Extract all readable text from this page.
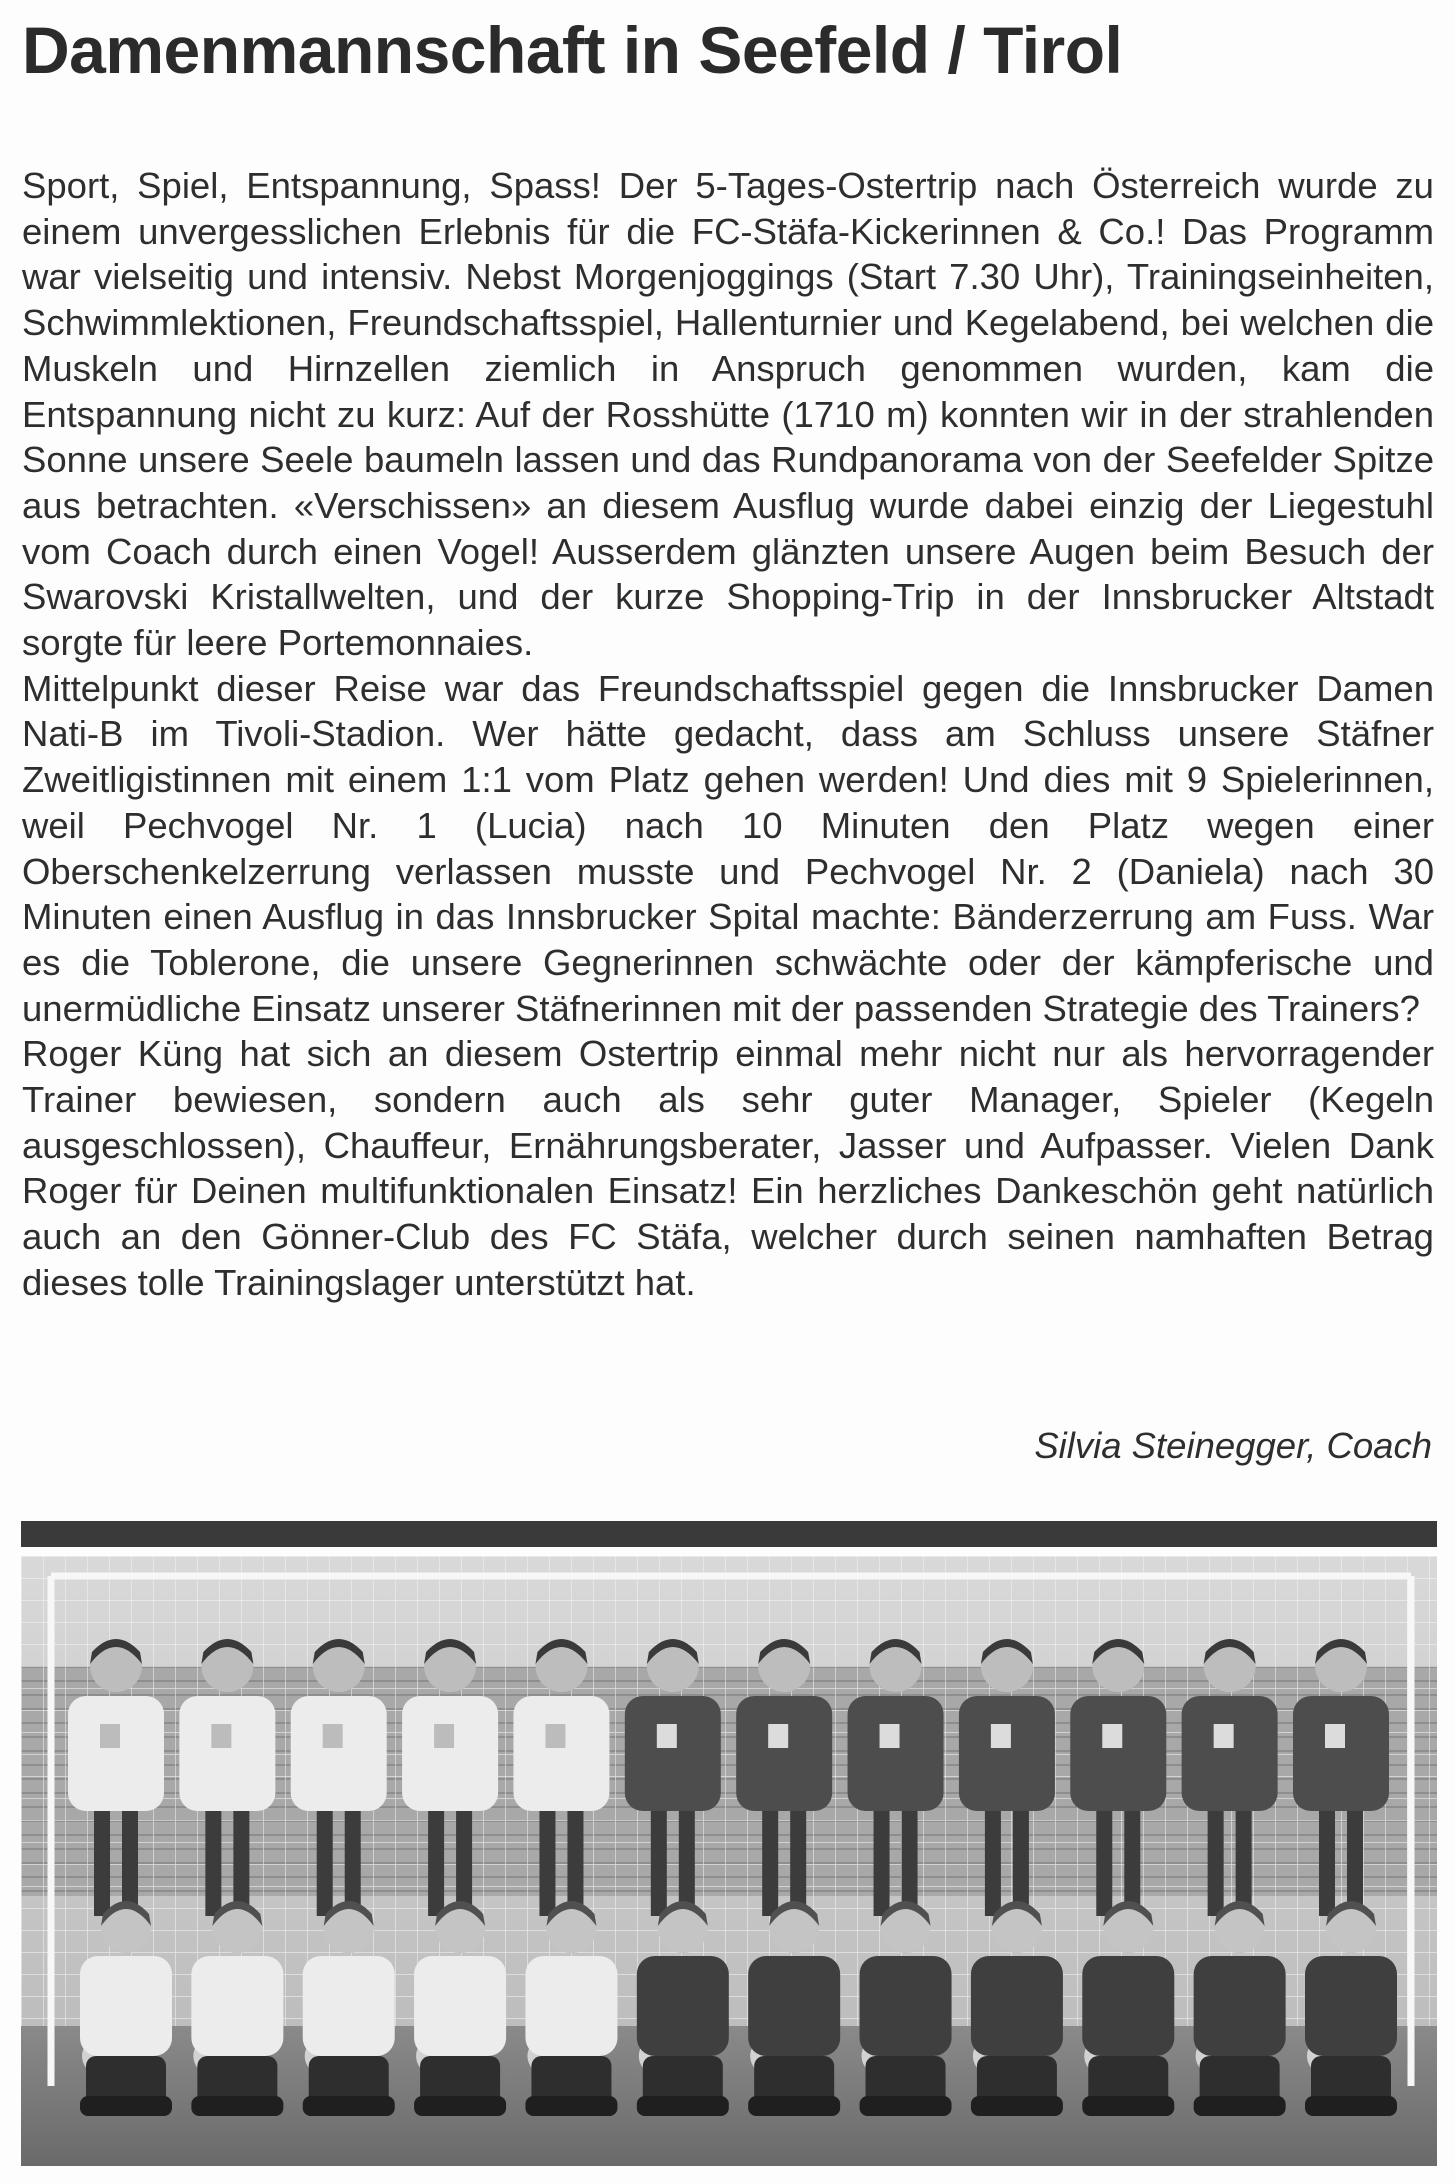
Damenmannschaft in Seefeld / Tirol

Sport, Spiel, Entspannung, Spass! Der 5-Tages-Ostertrip nach Österreich wurde zu einem unvergesslichen Erlebnis für die FC-Stäfa-Kickerinnen & Co.! Das Programm war vielseitig und intensiv. Nebst Morgenjoggings (Start 7.30 Uhr), Trainingseinheiten, Schwimmlektionen, Freundschaftsspiel, Hallenturnier und Kegelabend, bei welchen die Muskeln und Hirnzellen ziemlich in Anspruch genommen wurden, kam die Entspannung nicht zu kurz: Auf der Rosshütte (1710 m) konnten wir in der strahlenden Sonne unsere Seele baumeln lassen und das Rundpanorama von der Seefelder Spitze aus betrachten. «Verschissen» an diesem Ausflug wurde dabei einzig der Liegestuhl vom Coach durch einen Vogel! Ausserdem glänzten unsere Augen beim Besuch der Swarovski Kristallwelten, und der kurze Shopping-Trip in der Innsbrucker Altstadt sorgte für leere Portemonnaies.

Mittelpunkt dieser Reise war das Freundschaftsspiel gegen die Innsbrucker Damen Nati-B im Tivoli-Stadion. Wer hätte gedacht, dass am Schluss unsere Stäfner Zweitligistinnen mit einem 1:1 vom Platz gehen werden! Und dies mit 9 Spielerinnen, weil Pechvogel Nr. 1 (Lucia) nach 10 Minuten den Platz wegen einer Oberschenkelzerrung verlassen musste und Pechvogel Nr. 2 (Daniela) nach 30 Minuten einen Ausflug in das Innsbrucker Spital machte: Bänderzerrung am Fuss. War es die Toblerone, die unsere Gegnerinnen schwächte oder der kämpferische und unermüdliche Einsatz unserer Stäfnerinnen mit der passenden Strategie des Trainers?

Roger Küng hat sich an diesem Ostertrip einmal mehr nicht nur als hervorragender Trainer bewiesen, sondern auch als sehr guter Manager, Spieler (Kegeln ausgeschlossen), Chauffeur, Ernährungsberater, Jasser und Aufpasser. Vielen Dank Roger für Deinen multifunktionalen Einsatz! Ein herzliches Dankeschön geht natürlich auch an den Gönner-Club des FC Stäfa, welcher durch seinen namhaften Betrag dieses tolle Trainingslager unterstützt hat.

Silvia Steinegger, Coach
